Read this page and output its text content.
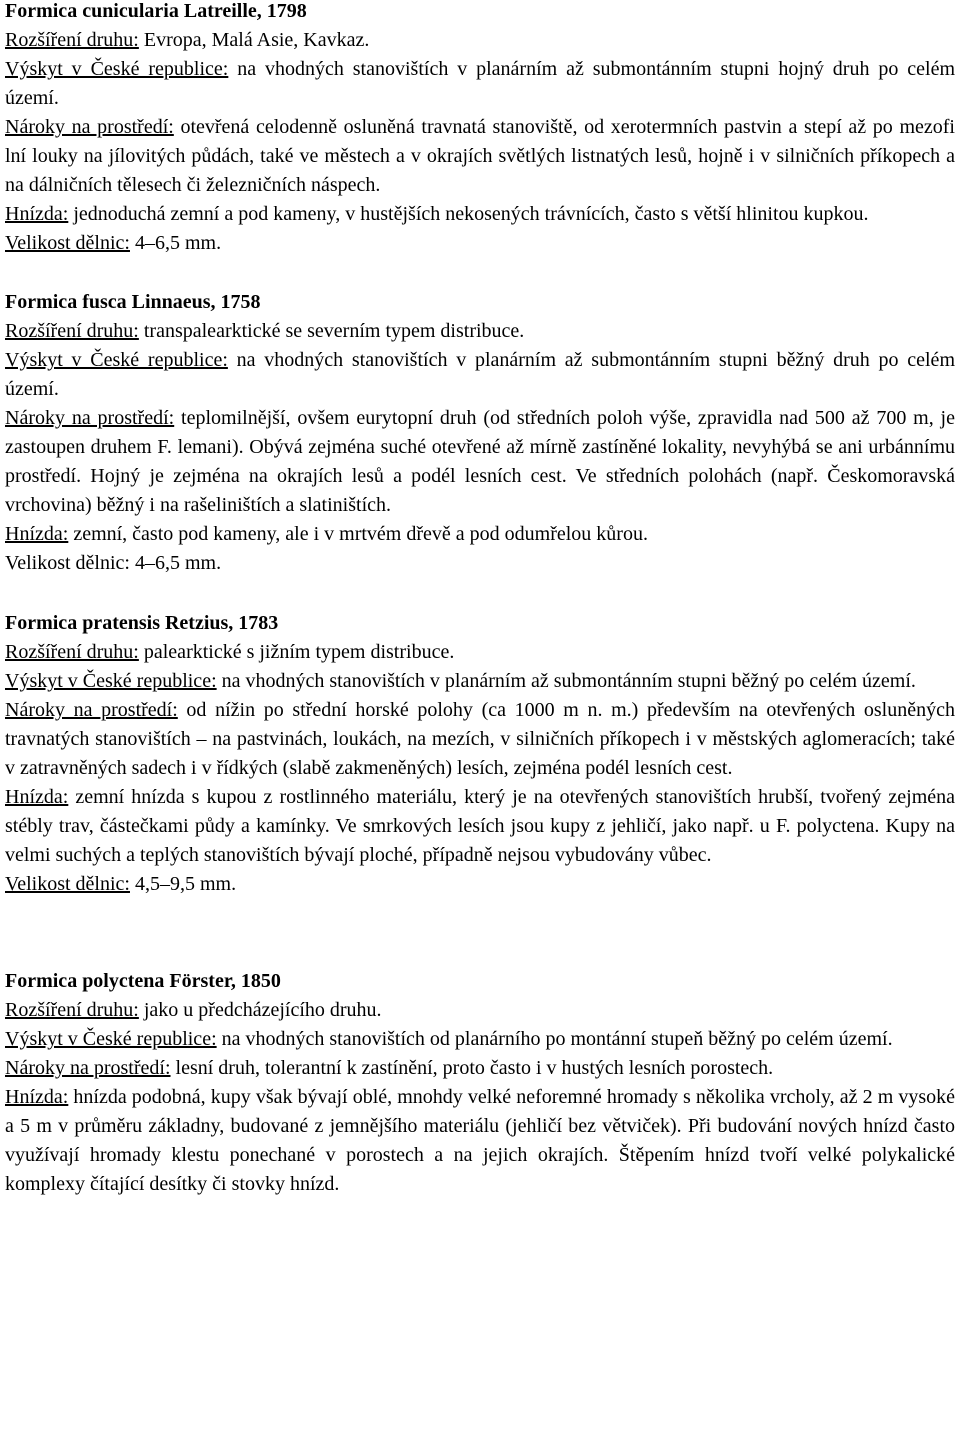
Formica cunicularia Latreille, 1798

Rozšíření druhu: Evropa, Malá Asie, Kavkaz.

Výskyt v České republice: na vhodných stanovištích v planárním až submontánním stupni hojný druh po celém území.

Nároky na prostředí: otevřená celodenně osluněná travnatá stanoviště, od xerotermních pastvin a stepí až po mezofi lní louky na jílovitých půdách, také ve městech a v okrajích světlých listnatých lesů, hojně i v silničních příkopech a na dálničních tělesech či železničních náspech.

Hnízda: jednoduchá zemní a pod kameny, v hustějších nekosených trávnících, často s větší hlinitou kupkou.

Velikost dělnic: 4–6,5 mm.

Formica fusca Linnaeus, 1758

Rozšíření druhu: transpalearktické se severním typem distribuce.

Výskyt v České republice: na vhodných stanovištích v planárním až submontánním stupni běžný druh po celém území.

Nároky na prostředí: teplomilnější, ovšem eurytopní druh (od středních poloh výše, zpravidla nad 500 až 700 m, je zastoupen druhem F. lemani). Obývá zejména suché otevřené až mírně zastíněné lokality, nevyhýbá se ani urbánnímu prostředí. Hojný je zejména na okrajích lesů a podél lesních cest. Ve středních polohách (např. Českomoravská vrchovina) běžný i na rašeliništích a slatiništích.

Hnízda: zemní, často pod kameny, ale i v mrtvém dřevě a pod odumřelou kůrou.

Velikost dělnic: 4–6,5 mm.

Formica pratensis Retzius, 1783

Rozšíření druhu: palearktické s jižním typem distribuce.

Výskyt v České republice: na vhodných stanovištích v planárním až submontánním stupni běžný po celém území.

Nároky na prostředí: od nížin po střední horské polohy (ca 1000 m n. m.) především na otevřených osluněných travnatých stanovištích – na pastvinách, loukách, na mezích, v silničních příkopech i v městských aglomeracích; také v zatravněných sadech i v řídkých (slabě zakmeněných) lesích, zejména podél lesních cest.

Hnízda: zemní hnízda s kupou z rostlinného materiálu, který je na otevřených stanovištích hrubší, tvořený zejména stébly trav, částečkami půdy a kamínky. Ve smrkových lesích jsou kupy z jehličí, jako např. u F. polyctena. Kupy na velmi suchých a teplých stanovištích bývají ploché, případně nejsou vybudovány vůbec.

Velikost dělnic: 4,5–9,5 mm.

Formica polyctena Förster, 1850

Rozšíření druhu: jako u předcházejícího druhu.

Výskyt v České republice: na vhodných stanovištích od planárního po montánní stupeň běžný po celém území.

Nároky na prostředí: lesní druh, tolerantní k zastínění, proto často i v hustých lesních porostech.

Hnízda: hnízda podobná, kupy však bývají oblé, mnohdy velké neforemné hromady s několika vrcholy, až 2 m vysoké a 5 m v průměru základny, budované z jemnějšího materiálu (jehličí bez větviček). Při budování nových hnízd často využívají hromady klestu ponechané v porostech a na jejich okrajích. Štěpením hnízd tvoří velké polykalické komplexy čítající desítky či stovky hnízd.
